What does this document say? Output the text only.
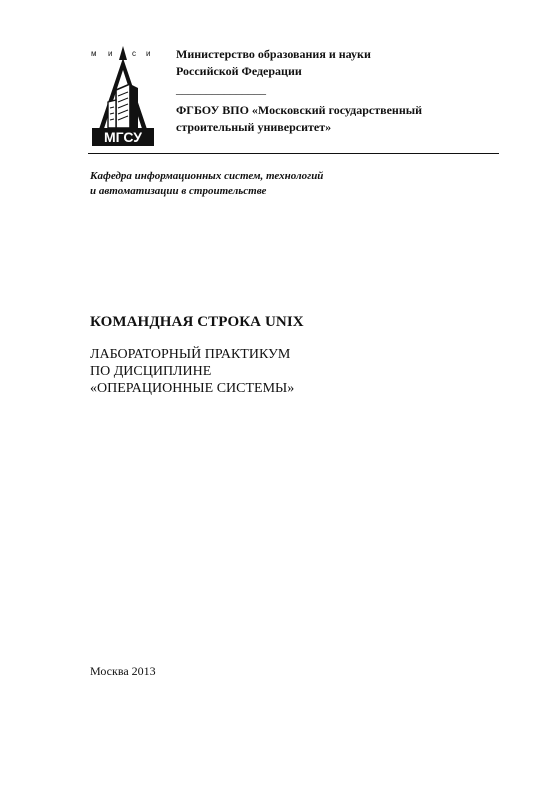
м и с и
МГСУ
Министерство образования и науки
Российской Федерации
_______________
ФГБОУ ВПО «Московский государственный
строительный университет»
Кафедра информационных систем, технологий
и автоматизации в строительстве
КОМАНДНАЯ СТРОКА UNIX
ЛАБОРАТОРНЫЙ ПРАКТИКУМ
ПО ДИСЦИПЛИНЕ
«ОПЕРАЦИОННЫЕ СИСТЕМЫ»
Москва 2013
